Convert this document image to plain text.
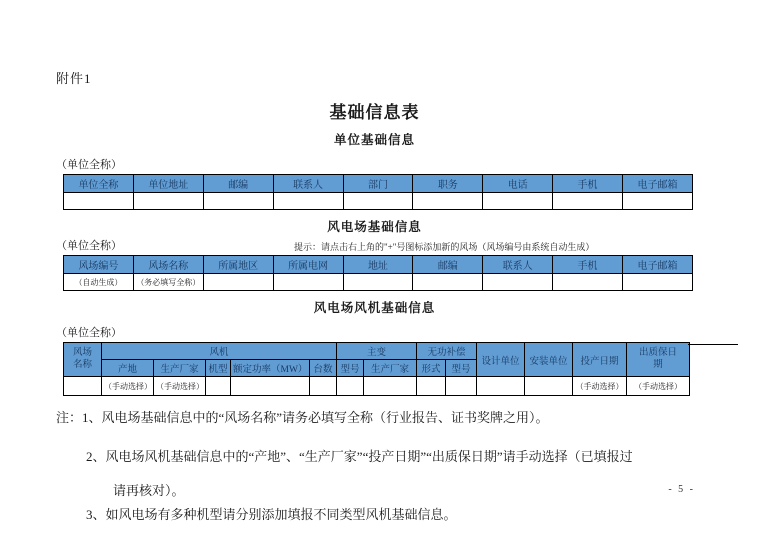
附件1
基础信息表
单位基础信息
（单位全称）
单位全称	单位地址	邮编	联系人	部门	职务	电话	手机	电子邮箱

风电场基础信息
（单位全称）	提示：请点击右上角的"+"号图标添加新的风场（风场编号由系统自动生成）
风场编号	风场名称	所属地区	所属电网	地址	邮编	联系人	手机	电子邮箱
（自动生成）	（务必填写全称）							
风电场风机基础信息
（单位全称）
风场名称	风机					主变		无功补偿		设计单位	安装单位	投产日期	出质保日期

	产地	生产厂家	机型	额定功率（MW）	台数	型号	生产厂家	形式	型号				
	（手动选择）	（手动选择）										（手动选择）	（手动选择）
注：1、风电场基础信息中的“风场名称”请务必填写全称（行业报告、证书奖牌之用）。
2、风电场风机基础信息中的“产地”、“生产厂家”“投产日期”“出质保日期”请手动选择（已填报过
请再核对）。
3、如风电场有多种机型请分别添加填报不同类型风机基础信息。
- 5 -
